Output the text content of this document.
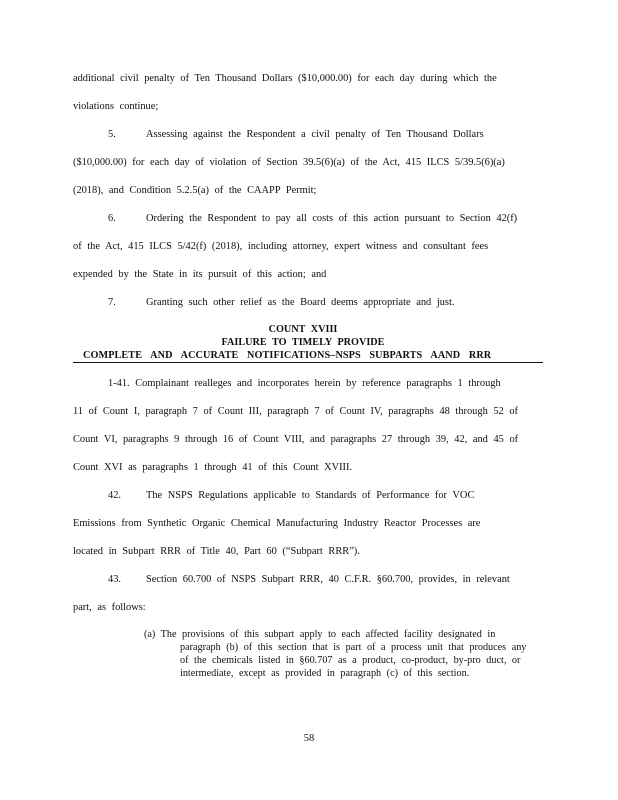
additional civil penalty of Ten Thousand Dollars ($10,000.00) for each day during which the
violations continue;
5.	Assessing against the Respondent a civil penalty of Ten Thousand Dollars
($10,000.00) for each day of violation of Section 39.5(6)(a) of the Act, 415 ILCS 5/39.5(6)(a)
(2018), and Condition 5.2.5(a) of the CAAPP Permit;
6.	Ordering the Respondent to pay all costs of this action pursuant to Section 42(f)
of the Act, 415 ILCS 5/42(f) (2018), including attorney, expert witness and consultant fees
expended by the State in its pursuit of this action; and
7.	Granting such other relief as the Board deems appropriate and just.
COUNT XVIII
FAILURE TO TIMELY PROVIDE
COMPLETE AND ACCURATE NOTIFICATIONS–NSPS SUBPARTS AAND RRR
1-41. Complainant realleges and incorporates herein by reference paragraphs 1 through
11 of Count I, paragraph 7 of Count III, paragraph 7 of Count IV, paragraphs 48 through 52 of
Count VI, paragraphs 9 through 16 of Count VIII, and paragraphs 27 through 39, 42, and 45 of
Count XVI as paragraphs 1 through 41 of this Count XVIII.
42. The NSPS Regulations applicable to Standards of Performance for VOC
Emissions from Synthetic Organic Chemical Manufacturing Industry Reactor Processes are
located in Subpart RRR of Title 40, Part 60 (“Subpart RRR”).
43. Section 60.700 of NSPS Subpart RRR, 40 C.F.R. §60.700, provides, in relevant
part, as follows:
(a) The provisions of this subpart apply to each affected facility designated in
paragraph (b) of this section that is part of a process unit that produces any
of the chemicals listed in §60.707 as a product, co-product, by-pro duct, or
intermediate, except as provided in paragraph (c) of this section.
58
